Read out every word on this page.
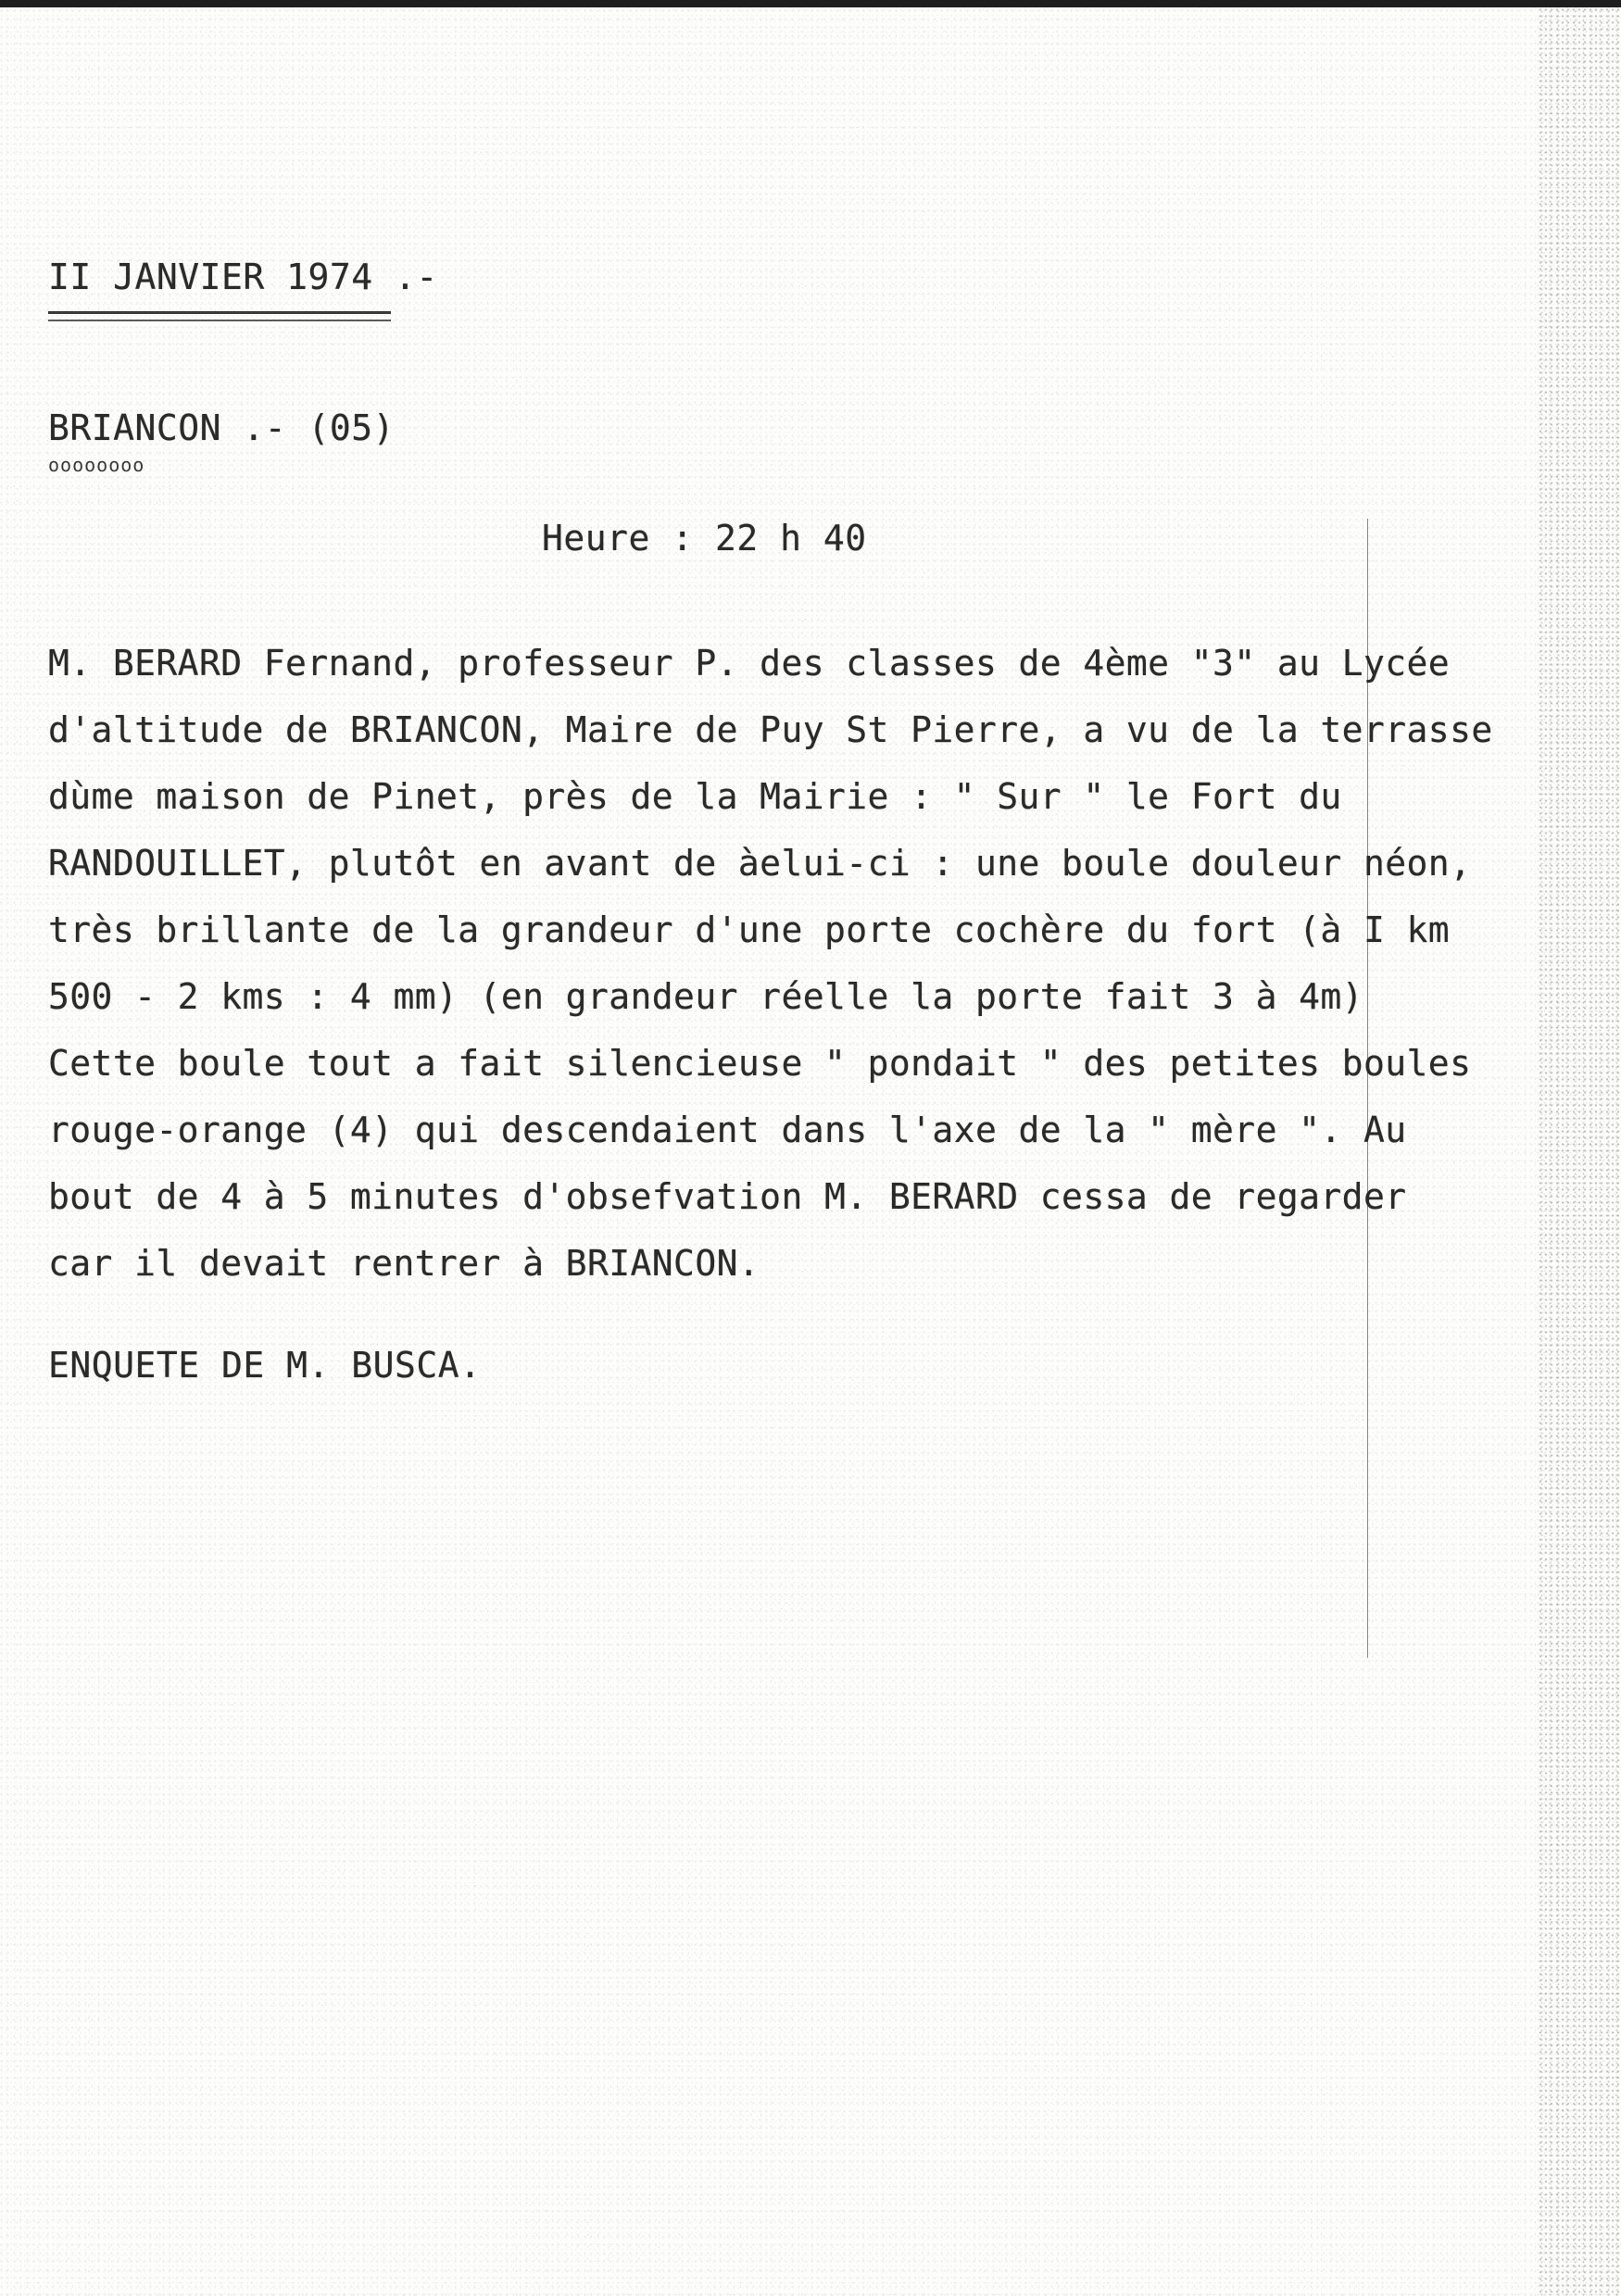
II JANVIER 1974 .-
BRIANCON .- (05)
oooooooo
Heure : 22 h 40
M. BERARD Fernand, professeur P. des classes de 4ème "3" au Lycée
d'altitude de BRIANCON, Maire de Puy St Pierre, a vu de la terrasse
dùme maison de Pinet, près de la Mairie : " Sur " le Fort du
RANDOUILLET, plutôt en avant de àelui-ci : une boule douleur néon,
très brillante de la grandeur d'une porte cochère du fort (à I km
500 - 2 kms : 4 mm) (en grandeur réelle la porte fait 3 à 4m)
Cette boule tout a fait silencieuse " pondait " des petites boules
rouge-orange (4) qui descendaient dans l'axe de la " mère ". Au
bout de 4 à 5 minutes d'obsefvation M. BERARD cessa de regarder
car il devait rentrer à BRIANCON.
ENQUETE DE M. BUSCA.
